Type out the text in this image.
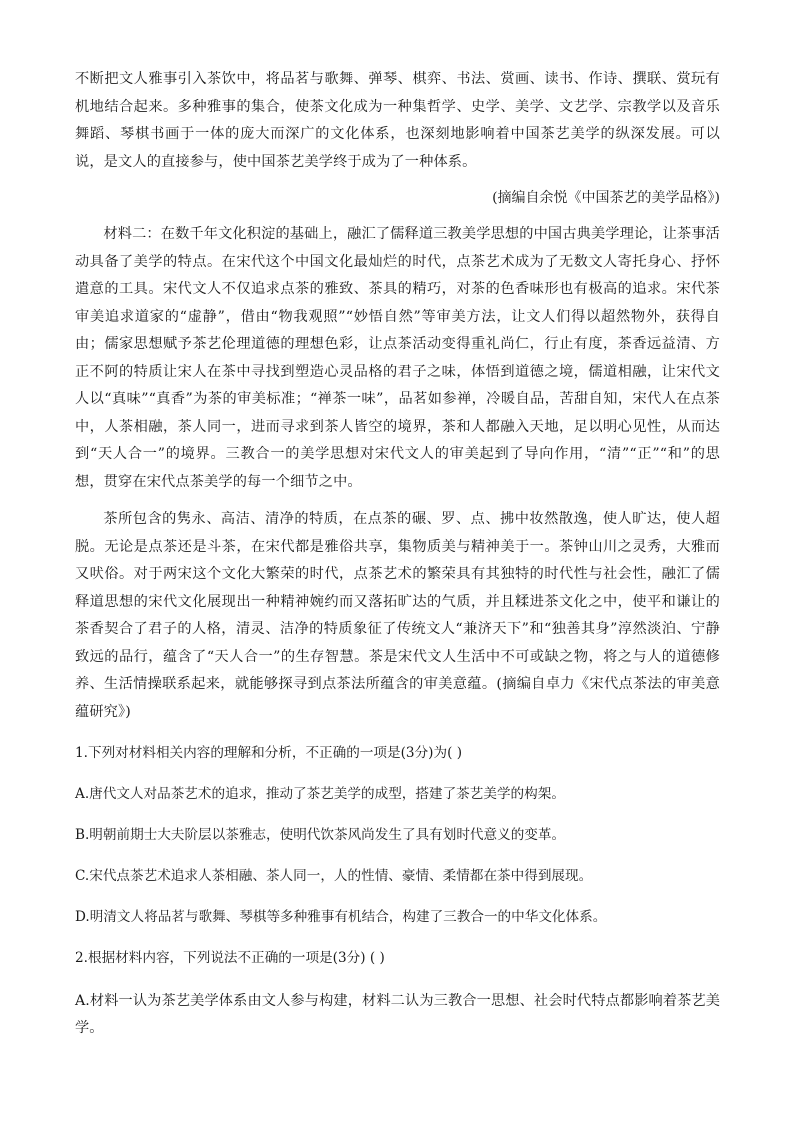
不断把文人雅事引入茶饮中，将品茗与歌舞、弹琴、棋弈、书法、赏画、读书、作诗、撰联、赏玩有机地结合起来。多种雅事的集合，使茶文化成为一种集哲学、史学、美学、文艺学、宗教学以及音乐舞蹈、琴棋书画于一体的庞大而深广的文化体系，也深刻地影响着中国茶艺美学的纵深发展。可以说，是文人的直接参与，使中国茶艺美学终于成为了一种体系。

(摘编自余悦《中国茶艺的美学品格》)

材料二：在数千年文化积淀的基础上，融汇了儒释道三教美学思想的中国古典美学理论，让茶事活动具备了美学的特点。在宋代这个中国文化最灿烂的时代，点茶艺术成为了无数文人寄托身心、抒怀遣意的工具。宋代文人不仅追求点茶的雅致、茶具的精巧，对茶的色香味形也有极高的追求。宋代茶审美追求道家的“虚静”，借由“物我观照”“妙悟自然”等审美方法，让文人们得以超然物外，获得自由；儒家思想赋予茶艺伦理道德的理想色彩，让点茶活动变得重礼尚仁，行止有度，茶香远益清、方正不阿的特质让宋人在茶中寻找到塑造心灵品格的君子之味，体悟到道德之境，儒道相融，让宋代文人以“真味”“真香”为茶的审美标准；“禅茶一味”，品茗如参禅，冷暖自品，苦甜自知，宋代人在点茶中，人茶相融，茶人同一，进而寻求到茶人皆空的境界，茶和人都融入天地，足以明心见性，从而达到“天人合一”的境界。三教合一的美学思想对宋代文人的审美起到了导向作用，“清”“正”“和”的思想，贯穿在宋代点茶美学的每一个细节之中。

茶所包含的隽永、高洁、清净的特质，在点茶的碾、罗、点、拂中妆然散逸，使人旷达，使人超脱。无论是点茶还是斗茶，在宋代都是雅俗共享，集物质美与精神美于一。茶钟山川之灵秀，大雅而又吠俗。对于两宋这个文化大繁荣的时代，点茶艺术的繁荣具有其独特的时代性与社会性，融汇了儒释道思想的宋代文化展现出一种精神婉约而又落拓旷达的气质，并且糅进茶文化之中，使平和谦让的茶香契合了君子的人格，清灵、洁净的特质象征了传统文人“兼济天下”和“独善其身”淳然淡泊、宁静致远的品行，蕴含了“天人合一”的生存智慧。茶是宋代文人生活中不可或缺之物，将之与人的道德修养、生活情操联系起来，就能够探寻到点茶法所蕴含的审美意蕴。(摘编自卓力《宋代点茶法的审美意蕴研究》)

1.下列对材料相关内容的理解和分析，不正确的一项是(3分)为( )

A.唐代文人对品茶艺术的追求，推动了茶艺美学的成型，搭建了茶艺美学的构架。

B.明朝前期士大夫阶层以茶雅志，使明代饮茶风尚发生了具有划时代意义的变革。

C.宋代点茶艺术追求人茶相融、茶人同一，人的性情、豪情、柔情都在茶中得到展现。

D.明清文人将品茗与歌舞、琴棋等多种雅事有机结合，构建了三教合一的中华文化体系。

2.根据材料内容，下列说法不正确的一项是(3分) ( )

A.材料一认为茶艺美学体系由文人参与构建，材料二认为三教合一思想、社会时代特点都影响着茶艺美学。
